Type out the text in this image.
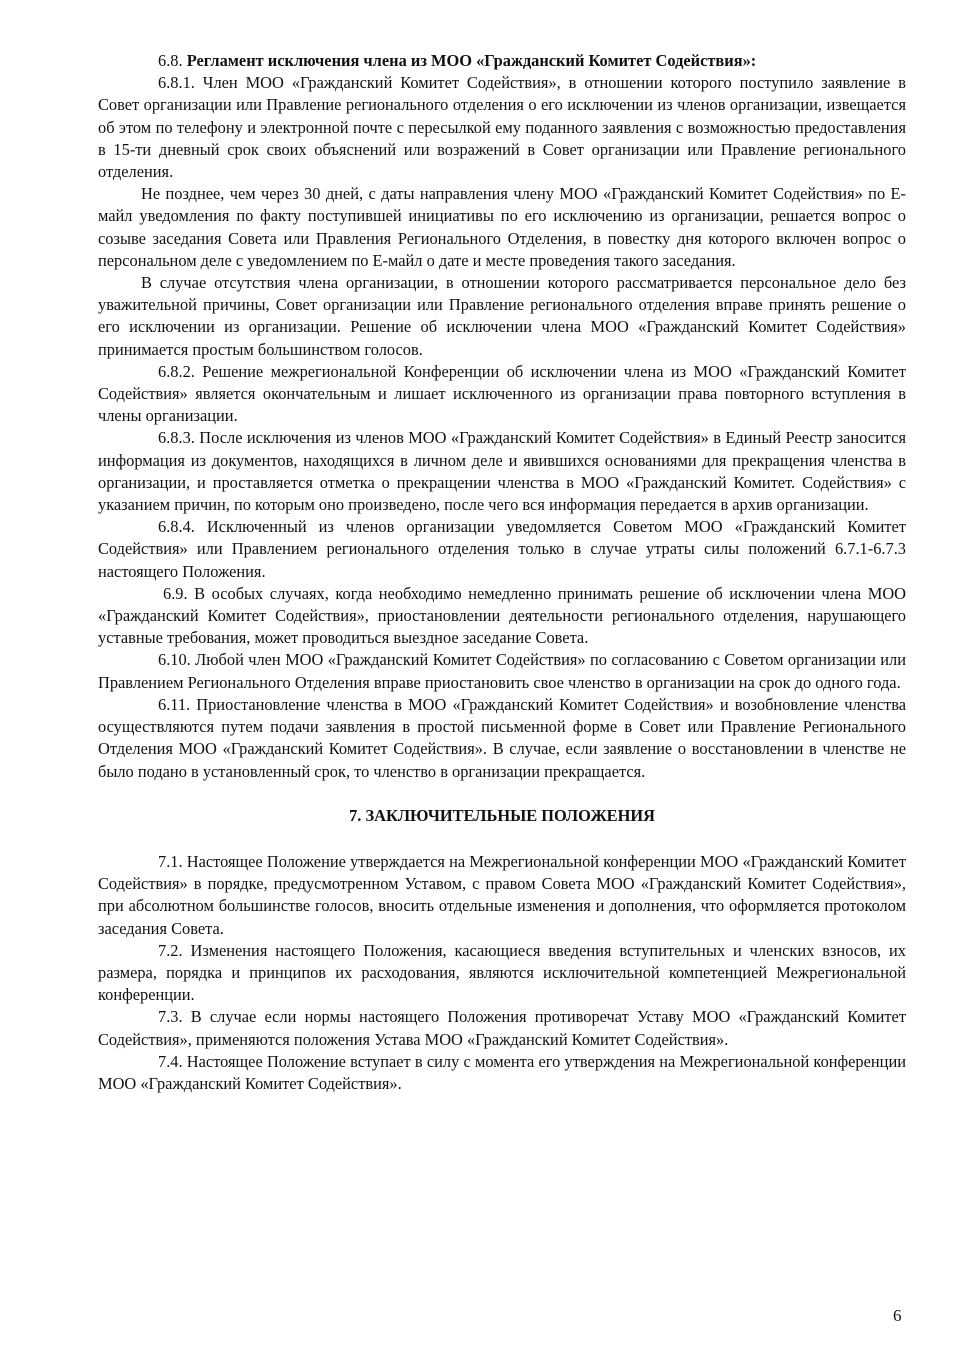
6.8. Регламент исключения члена из МОО «Гражданский Комитет Содействия»:

6.8.1. Член МОО «Гражданский Комитет Содействия», в отношении которого поступило заявление в Совет организации или Правление регионального отделения о его исключении из членов организации, извещается об этом по телефону и электронной почте с пересылкой ему поданного заявления с возможностью предоставления в 15-ти дневный срок своих объяснений или возражений в Совет организации или Правление регионального отделения.

Не позднее, чем через 30 дней, с даты направления члену МОО «Гражданский Комитет Содействия» по Е-майл уведомления по факту поступившей инициативы по его исключению из организации, решается вопрос о созыве заседания Совета или Правления Регионального Отделения, в повестку дня которого включен вопрос о персональном деле с уведомлением по Е-майл о дате и месте проведения такого заседания.

В случае отсутствия члена организации, в отношении которого рассматривается персональное дело без уважительной причины, Совет организации или Правление регионального отделения вправе принять решение о его исключении из организации. Решение об исключении члена МОО «Гражданский Комитет Содействия» принимается простым большинством голосов.

6.8.2. Решение межрегиональной Конференции об исключении члена из МОО «Гражданский Комитет Содействия» является окончательным и лишает исключенного из организации права повторного вступления в члены организации.

6.8.3. После исключения из членов МОО «Гражданский Комитет Содействия» в Единый Реестр заносится информация из документов, находящихся в личном деле и явившихся основаниями для прекращения членства в организации, и проставляется отметка о прекращении членства в МОО «Гражданский Комитет. Содействия» с указанием причин, по которым оно произведено, после чего вся информация передается в архив организации.

6.8.4. Исключенный из членов организации уведомляется Советом МОО «Гражданский Комитет Содействия» или Правлением регионального отделения только в случае утраты силы положений 6.7.1-6.7.3 настоящего Положения.

6.9. В особых случаях, когда необходимо немедленно принимать решение об исключении члена МОО «Гражданский Комитет Содействия», приостановлении деятельности регионального отделения, нарушающего уставные требования, может проводиться выездное заседание Совета.

6.10. Любой член МОО «Гражданский Комитет Содействия» по согласованию с Советом организации или Правлением Регионального Отделения вправе приостановить свое членство в организации на срок до одного года.

6.11. Приостановление членства в МОО «Гражданский Комитет Содействия» и возобновление членства осуществляются путем подачи заявления в простой письменной форме в Совет или Правление Регионального Отделения МОО «Гражданский Комитет Содействия». В случае, если заявление о восстановлении в членстве не было подано в установленный срок, то членство в организации прекращается.

7. ЗАКЛЮЧИТЕЛЬНЫЕ ПОЛОЖЕНИЯ

7.1. Настоящее Положение утверждается на Межрегиональной конференции МОО «Гражданский Комитет Содействия» в порядке, предусмотренном Уставом, с правом Совета МОО «Гражданский Комитет Содействия», при абсолютном большинстве голосов, вносить отдельные изменения и дополнения, что оформляется протоколом заседания Совета.

7.2. Изменения настоящего Положения, касающиеся введения вступительных и членских взносов, их размера, порядка и принципов их расходования, являются исключительной компетенцией Межрегиональной конференции.

7.3. В случае если нормы настоящего Положения противоречат Уставу МОО «Гражданский Комитет Содействия», применяются положения Устава МОО «Гражданский Комитет Содействия».

7.4. Настоящее Положение вступает в силу с момента его утверждения на Межрегиональной конференции МОО «Гражданский Комитет Содействия».

6
